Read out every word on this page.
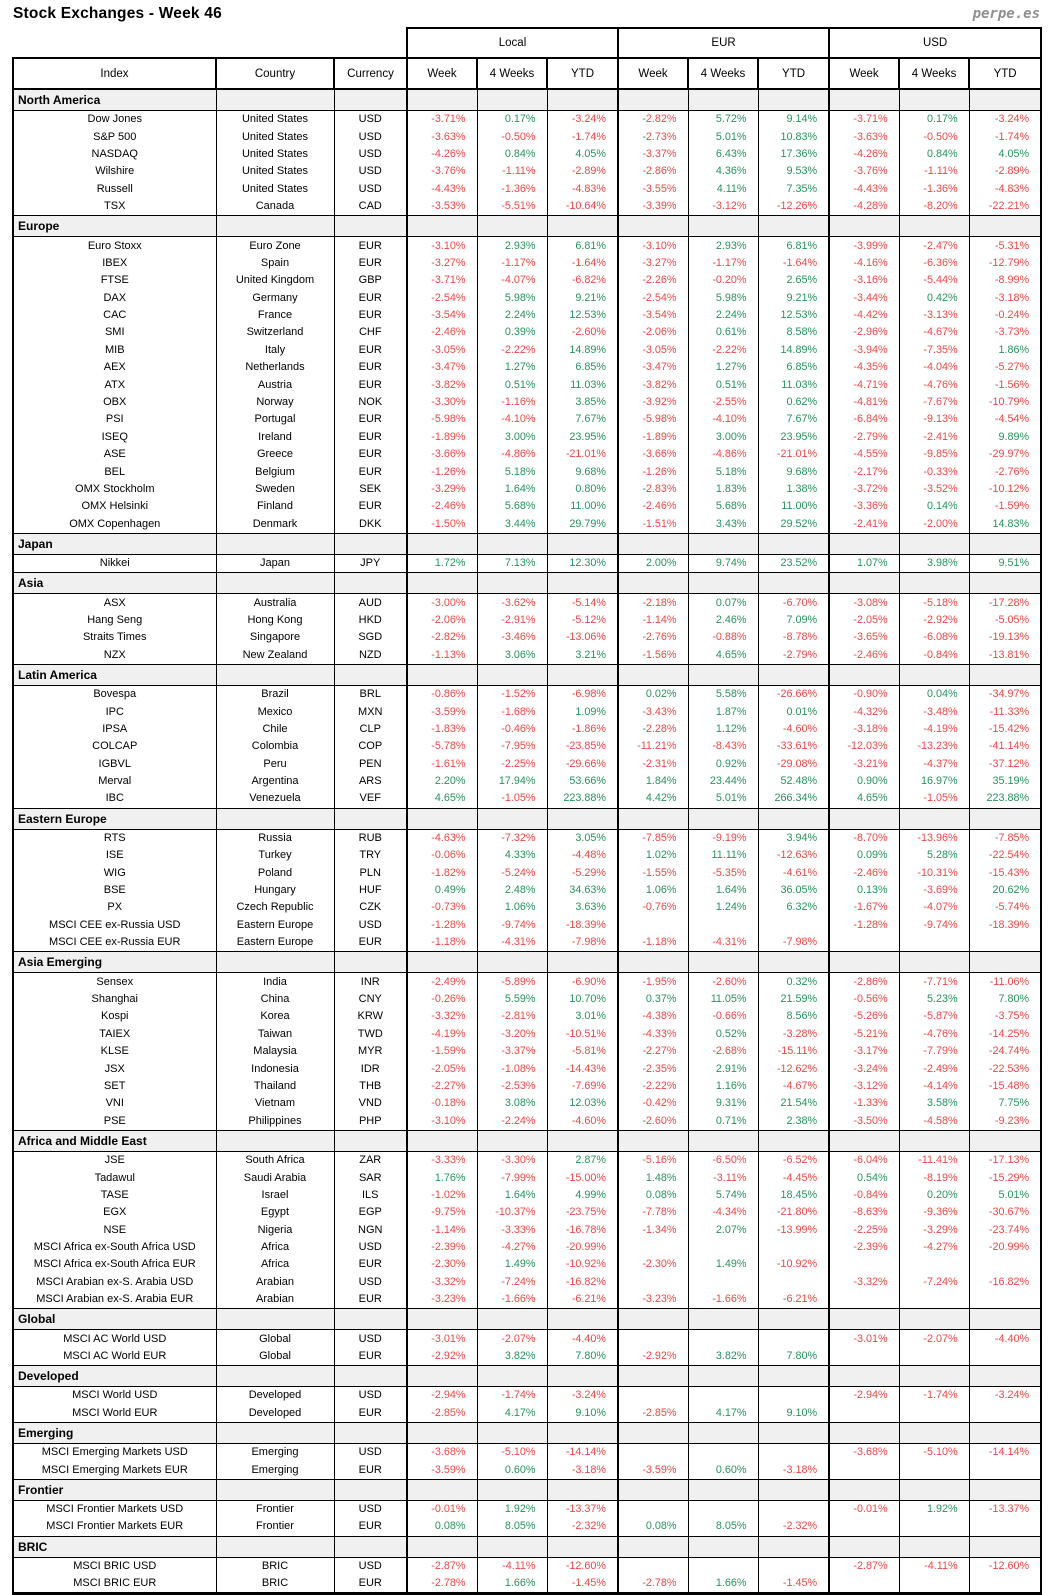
Stock Exchanges - Week 46	perpe.es
			Local			EUR			USD		
Index	Country	Currency	Week	4 Weeks	YTD	Week	4 Weeks	YTD	Week	4 Weeks	YTD
North America											
Dow Jones	United States	USD	-3.71%	0.17%	-3.24%	-2.82%	5.72%	9.14%	-3.71%	0.17%	-3.24%
S&P 500	United States	USD	-3.63%	-0.50%	-1.74%	-2.73%	5.01%	10.83%	-3.63%	-0.50%	-1.74%
NASDAQ	United States	USD	-4.26%	0.84%	4.05%	-3.37%	6.43%	17.36%	-4.26%	0.84%	4.05%
Wilshire	United States	USD	-3.76%	-1.11%	-2.89%	-2.86%	4.36%	9.53%	-3.76%	-1.11%	-2.89%
Russell	United States	USD	-4.43%	-1.36%	-4.83%	-3.55%	4.11%	7.35%	-4.43%	-1.36%	-4.83%
TSX	Canada	CAD	-3.53%	-5.51%	-10.64%	-3.39%	-3.12%	-12.26%	-4.28%	-8.20%	-22.21%
Europe											
Euro Stoxx	Euro Zone	EUR	-3.10%	2.93%	6.81%	-3.10%	2.93%	6.81%	-3.99%	-2.47%	-5.31%
IBEX	Spain	EUR	-3.27%	-1.17%	-1.64%	-3.27%	-1.17%	-1.64%	-4.16%	-6.36%	-12.79%
FTSE	United Kingdom	GBP	-3.71%	-4.07%	-6.82%	-2.26%	-0.20%	2.65%	-3.16%	-5.44%	-8.99%
DAX	Germany	EUR	-2.54%	5.98%	9.21%	-2.54%	5.98%	9.21%	-3.44%	0.42%	-3.18%
CAC	France	EUR	-3.54%	2.24%	12.53%	-3.54%	2.24%	12.53%	-4.42%	-3.13%	-0.24%
SMI	Switzerland	CHF	-2.46%	0.39%	-2.60%	-2.06%	0.61%	8.58%	-2.96%	-4.67%	-3.73%
MIB	Italy	EUR	-3.05%	-2.22%	14.89%	-3.05%	-2.22%	14.89%	-3.94%	-7.35%	1.86%
AEX	Netherlands	EUR	-3.47%	1.27%	6.85%	-3.47%	1.27%	6.85%	-4.35%	-4.04%	-5.27%
ATX	Austria	EUR	-3.82%	0.51%	11.03%	-3.82%	0.51%	11.03%	-4.71%	-4.76%	-1.56%
OBX	Norway	NOK	-3.30%	-1.16%	3.85%	-3.92%	-2.55%	0.62%	-4.81%	-7.67%	-10.79%
PSI	Portugal	EUR	-5.98%	-4.10%	7.67%	-5.98%	-4.10%	7.67%	-6.84%	-9.13%	-4.54%
ISEQ	Ireland	EUR	-1.89%	3.00%	23.95%	-1.89%	3.00%	23.95%	-2.79%	-2.41%	9.89%
ASE	Greece	EUR	-3.66%	-4.86%	-21.01%	-3.66%	-4.86%	-21.01%	-4.55%	-9.85%	-29.97%
BEL	Belgium	EUR	-1.26%	5.18%	9.68%	-1.26%	5.18%	9.68%	-2.17%	-0.33%	-2.76%
OMX Stockholm	Sweden	SEK	-3.29%	1.64%	0.80%	-2.83%	1.83%	1.38%	-3.72%	-3.52%	-10.12%
OMX Helsinki	Finland	EUR	-2.46%	5.68%	11.00%	-2.46%	5.68%	11.00%	-3.36%	0.14%	-1.59%
OMX Copenhagen	Denmark	DKK	-1.50%	3.44%	29.79%	-1.51%	3.43%	29.52%	-2.41%	-2.00%	14.83%
Japan											
Nikkei	Japan	JPY	1.72%	7.13%	12.30%	2.00%	9.74%	23.52%	1.07%	3.98%	9.51%
Asia											
ASX	Australia	AUD	-3.00%	-3.62%	-5.14%	-2.18%	0.07%	-6.70%	-3.08%	-5.18%	-17.28%
Hang Seng	Hong Kong	HKD	-2.06%	-2.91%	-5.12%	-1.14%	2.46%	7.09%	-2.05%	-2.92%	-5.05%
Straits Times	Singapore	SGD	-2.82%	-3.46%	-13.06%	-2.76%	-0.88%	-8.78%	-3.65%	-6.08%	-19.13%
NZX	New Zealand	NZD	-1.13%	3.06%	3.21%	-1.56%	4.65%	-2.79%	-2.46%	-0.84%	-13.81%
Latin America											
Bovespa	Brazil	BRL	-0.86%	-1.52%	-6.98%	0.02%	5.58%	-26.66%	-0.90%	0.04%	-34.97%
IPC	Mexico	MXN	-3.59%	-1.68%	1.09%	-3.43%	1.87%	0.01%	-4.32%	-3.48%	-11.33%
IPSA	Chile	CLP	-1.83%	-0.46%	-1.86%	-2.28%	1.12%	-4.60%	-3.18%	-4.19%	-15.42%
COLCAP	Colombia	COP	-5.78%	-7.95%	-23.85%	-11.21%	-8.43%	-33.61%	-12.03%	-13.23%	-41.14%
IGBVL	Peru	PEN	-1.61%	-2.25%	-29.66%	-2.31%	0.92%	-29.08%	-3.21%	-4.37%	-37.12%
Merval	Argentina	ARS	2.20%	17.94%	53.66%	1.84%	23.44%	52.48%	0.90%	16.97%	35.19%
IBC	Venezuela	VEF	4.65%	-1.05%	223.88%	4.42%	5.01%	266.34%	4.65%	-1.05%	223.88%
Eastern Europe											
RTS	Russia	RUB	-4.63%	-7.32%	3.05%	-7.85%	-9.19%	3.94%	-8.70%	-13.96%	-7.85%
ISE	Turkey	TRY	-0.06%	4.33%	-4.48%	1.02%	11.11%	-12.63%	0.09%	5.28%	-22.54%
WIG	Poland	PLN	-1.82%	-5.24%	-5.29%	-1.55%	-5.35%	-4.61%	-2.46%	-10.31%	-15.43%
BSE	Hungary	HUF	0.49%	2.48%	34.63%	1.06%	1.64%	36.05%	0.13%	-3.69%	20.62%
PX	Czech Republic	CZK	-0.73%	1.06%	3.63%	-0.76%	1.24%	6.32%	-1.67%	-4.07%	-5.74%
MSCI CEE ex-Russia USD	Eastern Europe	USD	-1.28%	-9.74%	-18.39%				-1.28%	-9.74%	-18.39%
MSCI CEE ex-Russia EUR	Eastern Europe	EUR	-1.18%	-4.31%	-7.98%	-1.18%	-4.31%	-7.98%			
Asia Emerging											
Sensex	India	INR	-2.49%	-5.89%	-6.90%	-1.95%	-2.60%	0.32%	-2.86%	-7.71%	-11.06%
Shanghai	China	CNY	-0.26%	5.59%	10.70%	0.37%	11.05%	21.59%	-0.56%	5.23%	7.80%
Kospi	Korea	KRW	-3.32%	-2.81%	3.01%	-4.38%	-0.66%	8.56%	-5.26%	-5.87%	-3.75%
TAIEX	Taiwan	TWD	-4.19%	-3.20%	-10.51%	-4.33%	0.52%	-3.28%	-5.21%	-4.76%	-14.25%
KLSE	Malaysia	MYR	-1.59%	-3.37%	-5.81%	-2.27%	-2.68%	-15.11%	-3.17%	-7.79%	-24.74%
JSX	Indonesia	IDR	-2.05%	-1.08%	-14.43%	-2.35%	2.91%	-12.62%	-3.24%	-2.49%	-22.53%
SET	Thailand	THB	-2.27%	-2.53%	-7.69%	-2.22%	1.16%	-4.67%	-3.12%	-4.14%	-15.48%
VNI	Vietnam	VND	-0.18%	3.08%	12.03%	-0.42%	9.31%	21.54%	-1.33%	3.58%	7.75%
PSE	Philippines	PHP	-3.10%	-2.24%	-4.60%	-2.60%	0.71%	2.38%	-3.50%	-4.58%	-9.23%
Africa and Middle East											
JSE	South Africa	ZAR	-3.33%	-3.30%	2.87%	-5.16%	-6.50%	-6.52%	-6.04%	-11.41%	-17.13%
Tadawul	Saudi Arabia	SAR	1.76%	-7.99%	-15.00%	1.48%	-3.11%	-4.45%	0.54%	-8.19%	-15.29%
TASE	Israel	ILS	-1.02%	1.64%	4.99%	0.08%	5.74%	18.45%	-0.84%	0.20%	5.01%
EGX	Egypt	EGP	-9.75%	-10.37%	-23.75%	-7.78%	-4.34%	-21.80%	-8.63%	-9.36%	-30.67%
NSE	Nigeria	NGN	-1.14%	-3.33%	-16.78%	-1.34%	2.07%	-13.99%	-2.25%	-3.29%	-23.74%
MSCI Africa ex-South Africa USD	Africa	USD	-2.39%	-4.27%	-20.99%				-2.39%	-4.27%	-20.99%
MSCI Africa ex-South Africa EUR	Africa	EUR	-2.30%	1.49%	-10.92%	-2.30%	1.49%	-10.92%			
MSCI Arabian ex-S. Arabia USD	Arabian	USD	-3.32%	-7.24%	-16.82%				-3.32%	-7.24%	-16.82%
MSCI Arabian ex-S. Arabia EUR	Arabian	EUR	-3.23%	-1.66%	-6.21%	-3.23%	-1.66%	-6.21%			
Global											
MSCI AC World USD	Global	USD	-3.01%	-2.07%	-4.40%				-3.01%	-2.07%	-4.40%
MSCI AC World EUR	Global	EUR	-2.92%	3.82%	7.80%	-2.92%	3.82%	7.80%			
Developed											
MSCI World USD	Developed	USD	-2.94%	-1.74%	-3.24%				-2.94%	-1.74%	-3.24%
MSCI World EUR	Developed	EUR	-2.85%	4.17%	9.10%	-2.85%	4.17%	9.10%			
Emerging											
MSCI Emerging Markets USD	Emerging	USD	-3.68%	-5.10%	-14.14%				-3.68%	-5.10%	-14.14%
MSCI Emerging Markets EUR	Emerging	EUR	-3.59%	0.60%	-3.18%	-3.59%	0.60%	-3.18%			
Frontier											
MSCI Frontier Markets USD	Frontier	USD	-0.01%	1.92%	-13.37%				-0.01%	1.92%	-13.37%
MSCI Frontier Markets EUR	Frontier	EUR	0.08%	8.05%	-2.32%	0.08%	8.05%	-2.32%			
BRIC											
MSCI BRIC USD	BRIC	USD	-2.87%	-4.11%	-12.60%				-2.87%	-4.11%	-12.60%
MSCI BRIC EUR	BRIC	EUR	-2.78%	1.66%	-1.45%	-2.78%	1.66%	-1.45%			
